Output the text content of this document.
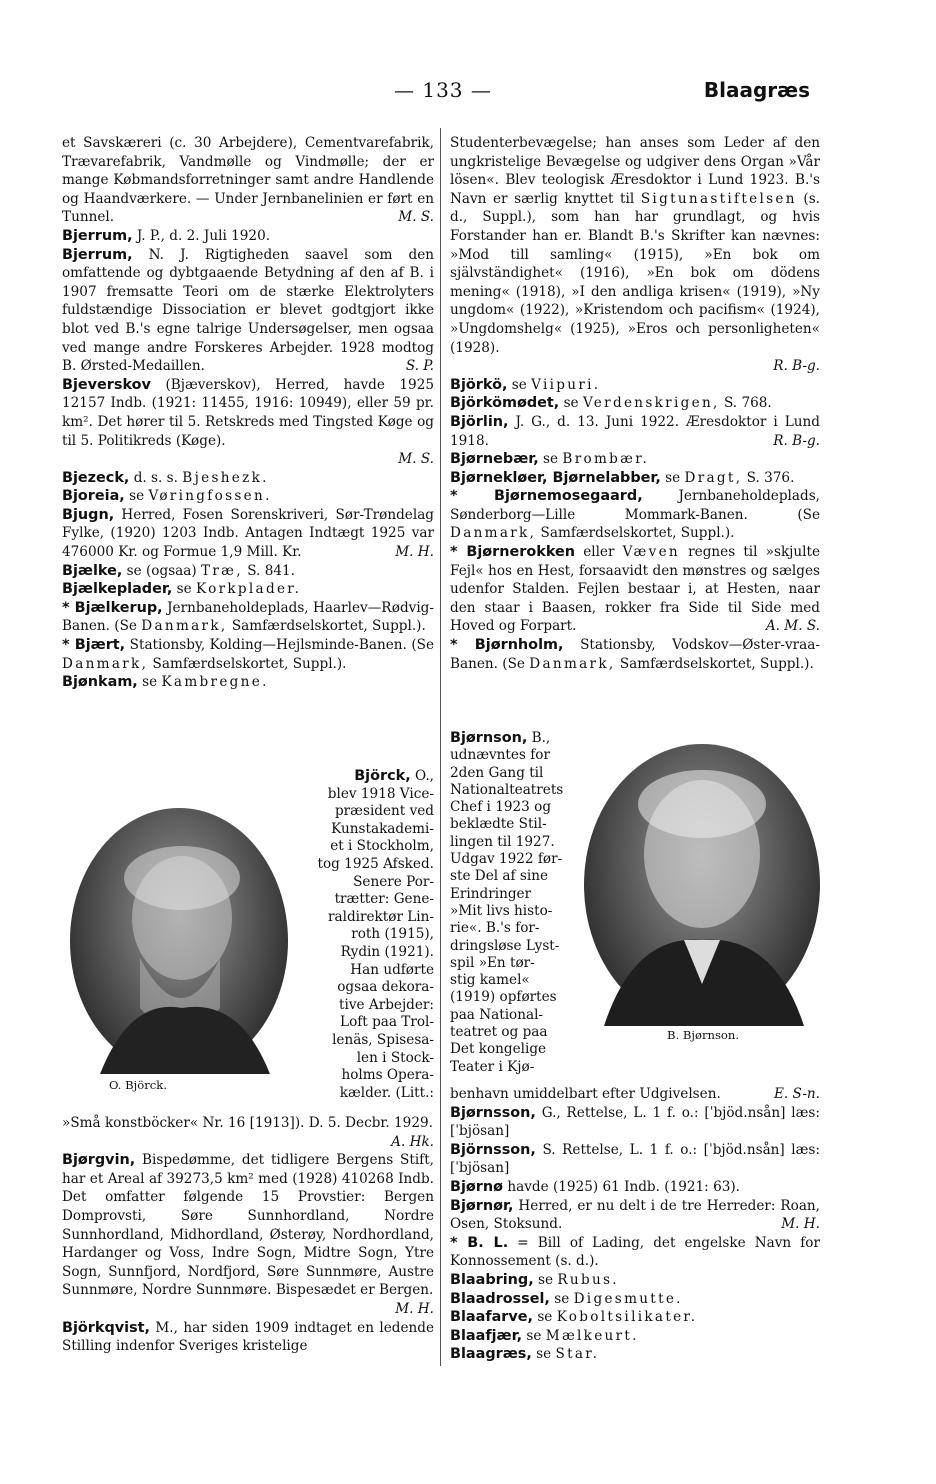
— 133 —	Blaagræs

et Savskæreri (c. 30 Arbejdere), Cementvarefabrik, Trævarefabrik, Vandmølle og Vindmølle; der er mange Købmandsforretninger samt andre Handlende og Haandværkere. — Under Jernbanelinien er ført en Tunnel.	M. S.

Bjerrum, J. P., d. 2. Juli 1920.

Bjerrum, N. J. Rigtigheden saavel som den omfattende og dybtgaaende Betydning af den af B. i 1907 fremsatte Teori om de stærke Elektrolyters fuldstændige Dissociation er blevet godtgjort ikke blot ved B.'s egne talrige Undersøgelser, men ogsaa ved mange andre Forskeres Arbejder. 1928 modtog B. Ørsted-Medaillen.	S. P.

Bjeverskov (Bjæverskov), Herred, havde 1925 12157 Indb. (1921: 11455, 1916: 10949), eller 59 pr. km². Det hører til 5. Retskreds med Tingsted Køge og til 5. Politikreds (Køge).

M. S.

Bjezeck, d. s. s. Bjeshezk.

Bjoreia, se Vøringfossen.

Bjugn, Herred, Fosen Sorenskriveri, Sør-Trøndelag Fylke, (1920) 1203 Indb. Antagen Indtægt 1925 var 476000 Kr. og Formue 1,9 Mill. Kr.	M. H.

Bjælke, se (ogsaa) Træ, S. 841.

Bjælkeplader, se Korkplader.

* Bjælkerup, Jernbaneholdeplads, Haarlev—Rødvig-Banen. (Se Danmark, Samfærdselskortet, Suppl.).

* Bjært, Stationsby, Kolding—Hejlsminde-Banen. (Se Danmark, Samfærdselskortet, Suppl.).

Bjønkam, se Kambregne.

O. Björck.
Björck, O.,
blev 1918 Vice-
præsident ved
Kunstakademi-
et i Stockholm,
tog 1925 Afsked.
Senere Por-
trætter: Gene-
raldirektør Lin-
roth (1915),
Rydin (1921).
Han udførte
ogsaa dekora-
tive Arbejder:
Loft paa Trol-
lenäs, Spisesa-
len i Stock-
holms Opera-
kælder. (Litt.:

»Små konstböcker« Nr. 16 [1913]). D. 5. Decbr. 1929.
A. Hk.

Bjørgvin, Bispedømme, det tidligere Bergens Stift, har et Areal af 39273,5 km² med (1928) 410268 Indb. Det omfatter følgende 15 Provstier: Bergen Domprovsti, Søre Sunnhordland, Nordre Sunnhordland, Midhordland, Østerøy, Nordhordland, Hardanger og Voss, Indre Sogn, Midtre Sogn, Ytre Sogn, Sunnfjord, Nordfjord, Søre Sunnmøre, Austre Sunnmøre, Nordre Sunnmøre. Bispesædet er Bergen.
M. H.

Björkqvist, M., har siden 1909 indtaget en ledende Stilling indenfor Sveriges kristelige

Studenterbevægelse; han anses som Leder af den ungkristelige Bevægelse og udgiver dens Organ »Vår lösen«. Blev teologisk Æresdoktor i Lund 1923. B.'s Navn er særlig knyttet til Sigtunastiftelsen (s. d., Suppl.), som han har grundlagt, og hvis Forstander han er. Blandt B.'s Skrifter kan nævnes: »Mod till samling« (1915), »En bok om självständighet« (1916), »En bok om dödens mening« (1918), »I den andliga krisen« (1919), »Ny ungdom« (1922), »Kristendom och pacifism« (1924), »Ungdomshelg« (1925), »Eros och personligheten« (1928).

R. B-g.

Björkö, se Viipuri.

Björkömødet, se Verdenskrigen, S. 768.

Björlin, J. G., d. 13. Juni 1922. Æresdoktor i Lund 1918.	R. B-g.

Bjørnebær, se Brombær.

Bjørnekløer, Bjørnelabber, se Dragt, S. 376.

* Bjørnemosegaard,	Jernbaneholdeplads, Sønderborg—Lille Mommark-Banen. (Se Danmark, Samfærdselskortet, Suppl.).

* Bjørnerokken eller Væven regnes til »skjulte Fejl« hos en Hest, forsaavidt den mønstres og sælges udenfor Stalden. Fejlen bestaar i, at Hesten, naar den staar i Baasen, rokker fra Side til Side med Hoved og Forpart.	A. M. S.

* Bjørnholm, Stationsby, Vodskov—Øster-vraa-Banen. (Se Danmark, Samfærdselskortet, Suppl.).

Bjørnson, B.,
udnævntes for
2den Gang til
Nationalteatrets
Chef i 1923 og
beklædte Stil-
lingen til 1927.
Udgav 1922 før-
ste Del af sine
Erindringer
»Mit livs histo-
rie«. B.'s for-
dringsløse Lyst-
spil »En tør-
stig kamel«
(1919) opførtes
paa National-
teatret og paa
Det kongelige
Teater i Kjø-
B. Bjørnson.

benhavn umiddelbart efter Udgivelsen.	E. S-n.

Bjørnsson, G., Rettelse, L. 1 f. o.: [ˈbjöd.nsån] læs: [ˈbjösan]

Björnsson, S. Rettelse, L. 1 f. o.: [ˈbjöd.nsån] læs: [ˈbjösan]

Bjørnø havde (1925) 61 Indb. (1921: 63).

Bjørnør, Herred, er nu delt i de tre Herreder: Roan, Osen, Stoksund.	M. H.

* B. L. = Bill of Lading, det engelske Navn for Konnossement (s. d.).

Blaabring, se Rubus.

Blaadrossel, se Digesmutte.

Blaafarve, se Koboltsilikater.

Blaafjær, se Mælkeurt.

Blaagræs, se Star.
